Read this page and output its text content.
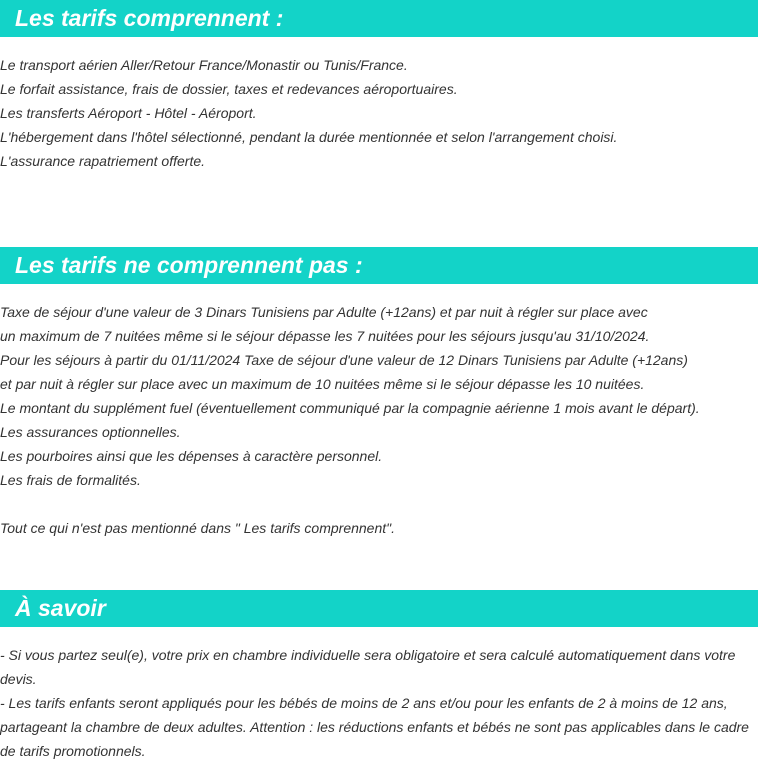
Les tarifs comprennent :
Le transport aérien Aller/Retour France/Monastir ou Tunis/France.
Le forfait assistance, frais de dossier, taxes et redevances aéroportuaires.
Les transferts Aéroport - Hôtel - Aéroport.
L'hébergement dans l'hôtel sélectionné, pendant la durée mentionnée et selon l'arrangement choisi.
L'assurance rapatriement offerte.
Les tarifs ne comprennent pas :
Taxe de séjour d'une valeur de 3 Dinars Tunisiens par Adulte (+12ans) et par nuit à régler sur place avec
un maximum de 7 nuitées même si le séjour dépasse les 7 nuitées pour les séjours jusqu'au 31/10/2024.
Pour les séjours à partir du 01/11/2024 Taxe de séjour d'une valeur de 12 Dinars Tunisiens par Adulte (+12ans)
et par nuit à régler sur place avec un maximum de 10 nuitées même si le séjour dépasse les 10 nuitées.
Le montant du supplément fuel (éventuellement communiqué par la compagnie aérienne 1 mois avant le départ).
Les assurances optionnelles.
Les pourboires ainsi que les dépenses à caractère personnel.
Les frais de formalités.
Tout ce qui n'est pas mentionné dans " Les tarifs comprennent".
À savoir
- Si vous partez seul(e), votre prix en chambre individuelle sera obligatoire et sera calculé automatiquement dans votre devis.
- Les tarifs enfants seront appliqués pour les bébés de moins de 2 ans et/ou pour les enfants de 2 à moins de 12 ans, partageant la chambre de deux adultes. Attention : les réductions enfants et bébés ne sont pas applicables dans le cadre de tarifs promotionnels.
